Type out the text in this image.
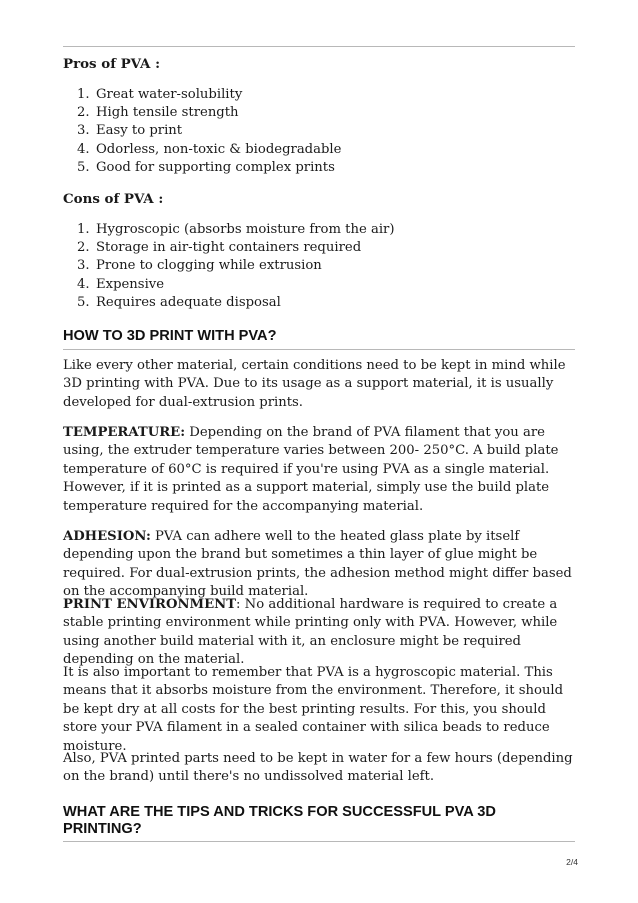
Pros of PVA :
1. Great water-solubility
2. High tensile strength
3. Easy to print
4. Odorless, non-toxic & biodegradable
5. Good for supporting complex prints
Cons of PVA :
1. Hygroscopic (absorbs moisture from the air)
2. Storage in air-tight containers required
3. Prone to clogging while extrusion
4. Expensive
5. Requires adequate disposal
HOW TO 3D PRINT WITH PVA?

Like every other material, certain conditions need to be kept in mind while 3D printing with PVA. Due to its usage as a support material, it is usually developed for dual-extrusion prints.

TEMPERATURE: Depending on the brand of PVA filament that you are using, the extruder temperature varies between 200- 250°C. A build plate temperature of 60°C is required if you're using PVA as a single material. However, if it is printed as a support material, simply use the build plate temperature required for the accompanying material.

ADHESION: PVA can adhere well to the heated glass plate by itself depending upon the brand but sometimes a thin layer of glue might be required. For dual-extrusion prints, the adhesion method might differ based on the accompanying build material.

PRINT ENVIRONMENT: No additional hardware is required to create a stable printing environment while printing only with PVA. However, while using another build material with it, an enclosure might be required depending on the material.

It is also important to remember that PVA is a hygroscopic material. This means that it absorbs moisture from the environment. Therefore, it should be kept dry at all costs for the best printing results. For this, you should store your PVA filament in a sealed container with silica beads to reduce moisture.

Also, PVA printed parts need to be kept in water for a few hours (depending on the brand) until there's no undissolved material left.

WHAT ARE THE TIPS AND TRICKS FOR SUCCESSFUL PVA 3D PRINTING?
2/4
